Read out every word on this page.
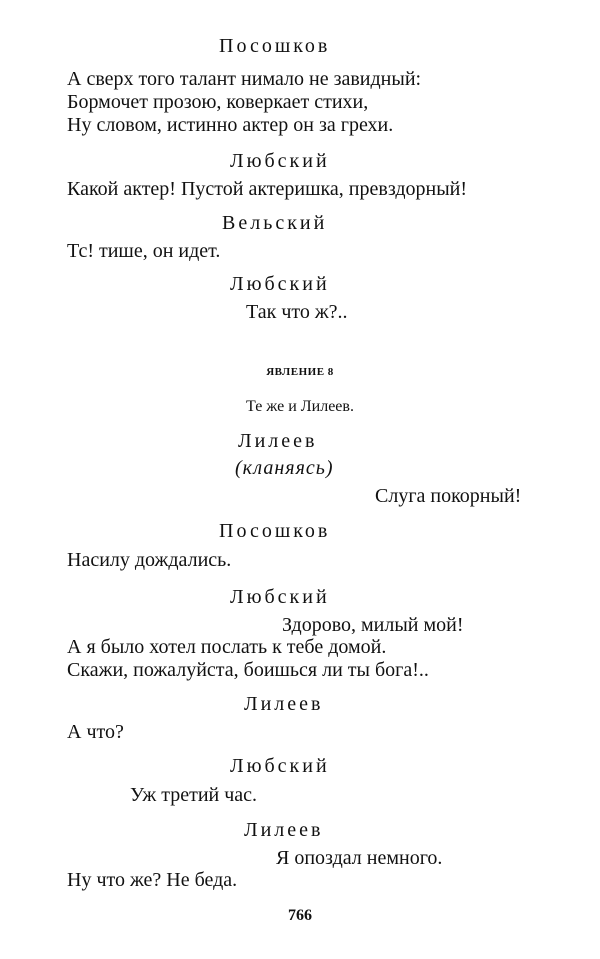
Посошков
А сверх того талант нимало не завидный:
Бормочет прозою, коверкает стихи,
Ну словом, истинно актер он за грехи.
Любский
Какой актер! Пустой актеришка, превздорный!
Вельский
Тс! тише, он идет.
Любский
Так что ж?..
ЯВЛЕНИЕ 8
Те же и Лилеев.
Лилеев
(кланяясь)
Слуга покорный!
Посошков
Насилу дождались.
Любский
Здорово, милый мой!
А я было хотел послать к тебе домой.
Скажи, пожалуйста, боишься ли ты бога!..
Лилеев
А что?
Любский
Уж третий час.
Лилеев
Я опоздал немного.
Ну что же? Не беда.
766
